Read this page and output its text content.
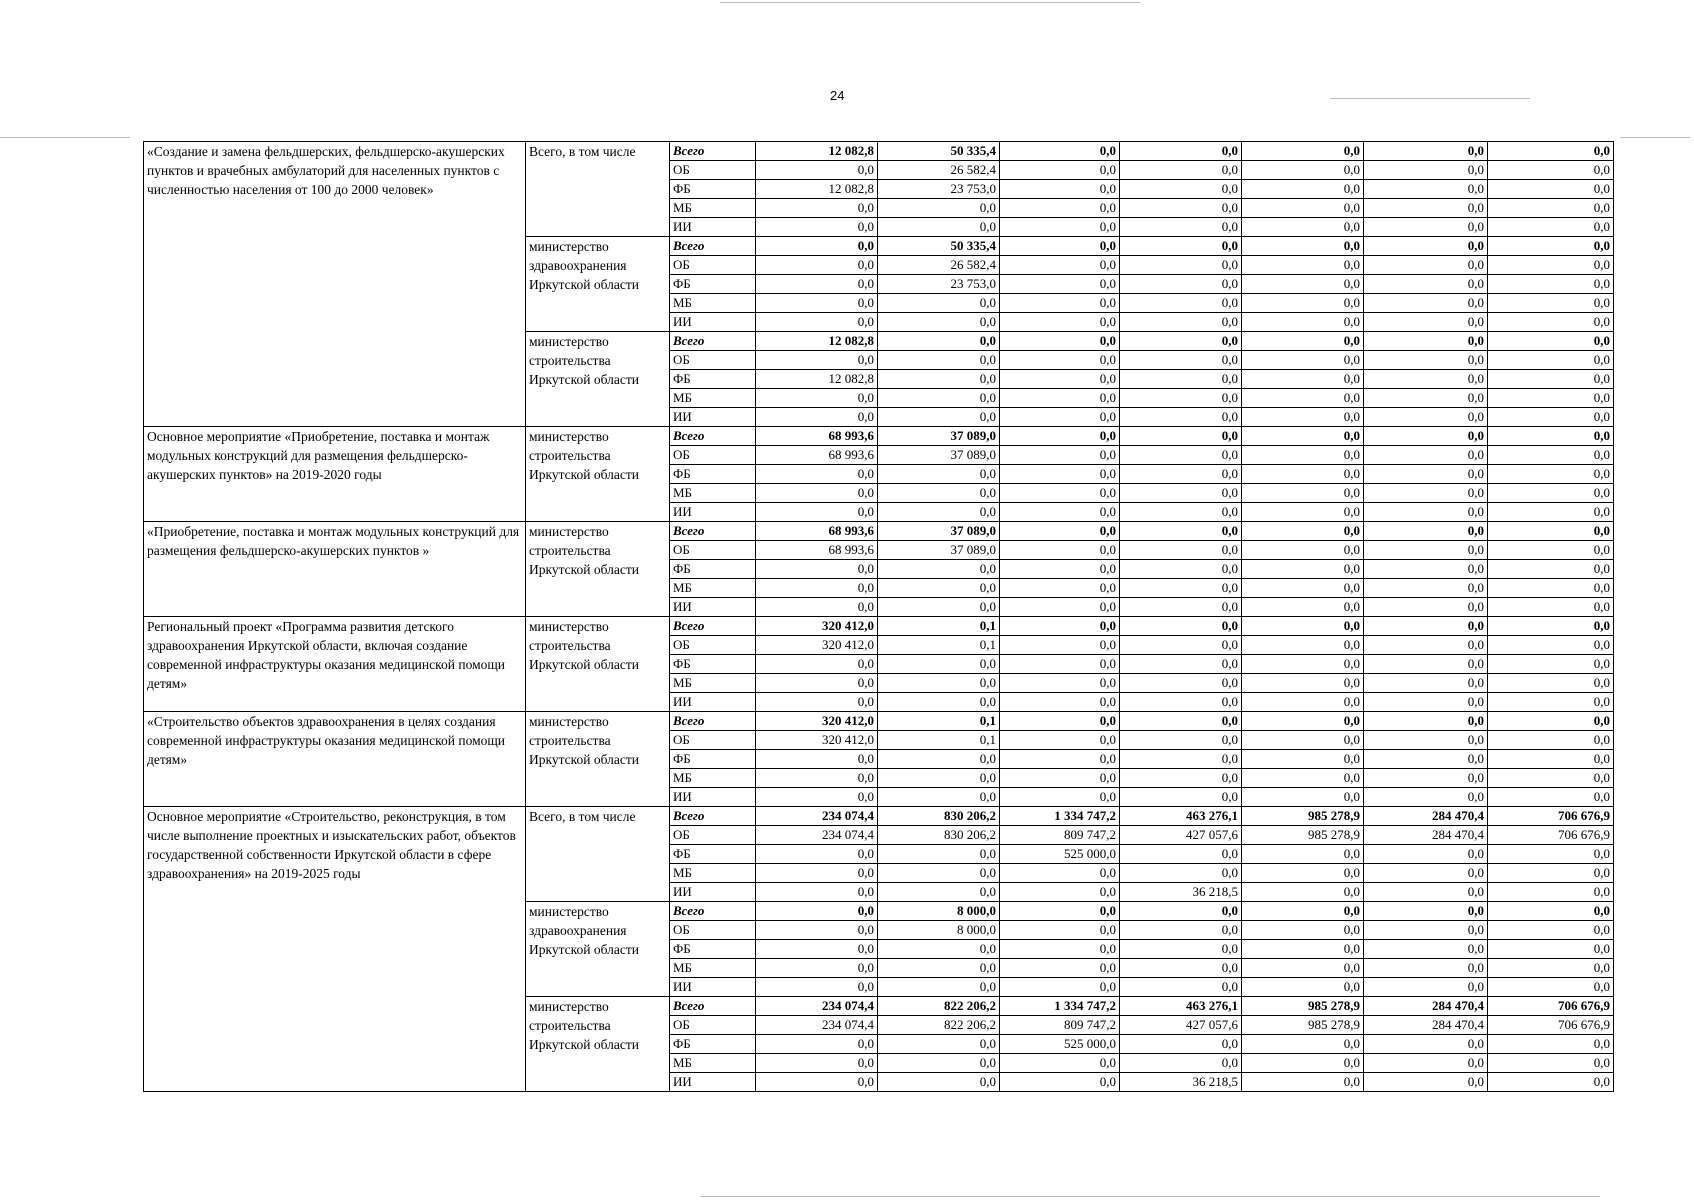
24
«Создание и замена фельдшерских, фельдшерско-акушерских пунктов и врачебных амбулаторий для населенных пунктов с численностью населения от 100 до 2000 человек»	Всего, в том числе	Всего	12 082,8	50 335,4	0,0	0,0	0,0	0,0	0,0
		ОБ	0,0	26 582,4	0,0	0,0	0,0	0,0	0,0
		ФБ	12 082,8	23 753,0	0,0	0,0	0,0	0,0	0,0
		МБ	0,0	0,0	0,0	0,0	0,0	0,0	0,0
		ИИ	0,0	0,0	0,0	0,0	0,0	0,0	0,0
	министерство здравоохранения Иркутской области	Всего	0,0	50 335,4	0,0	0,0	0,0	0,0	0,0
		ОБ	0,0	26 582,4	0,0	0,0	0,0	0,0	0,0
		ФБ	0,0	23 753,0	0,0	0,0	0,0	0,0	0,0
		МБ	0,0	0,0	0,0	0,0	0,0	0,0	0,0
		ИИ	0,0	0,0	0,0	0,0	0,0	0,0	0,0
	министерство строительства Иркутской области	Всего	12 082,8	0,0	0,0	0,0	0,0	0,0	0,0
		ОБ	0,0	0,0	0,0	0,0	0,0	0,0	0,0
		ФБ	12 082,8	0,0	0,0	0,0	0,0	0,0	0,0
		МБ	0,0	0,0	0,0	0,0	0,0	0,0	0,0
		ИИ	0,0	0,0	0,0	0,0	0,0	0,0	0,0
Основное мероприятие «Приобретение, поставка и монтаж модульных конструкций для размещения фельдшерско-акушерских пунктов» на 2019-2020 годы	министерство строительства Иркутской области	Всего	68 993,6	37 089,0	0,0	0,0	0,0	0,0	0,0
		ОБ	68 993,6	37 089,0	0,0	0,0	0,0	0,0	0,0
		ФБ	0,0	0,0	0,0	0,0	0,0	0,0	0,0
		МБ	0,0	0,0	0,0	0,0	0,0	0,0	0,0
		ИИ	0,0	0,0	0,0	0,0	0,0	0,0	0,0
«Приобретение, поставка и монтаж модульных конструкций для размещения фельдшерско-акушерских пунктов »	министерство строительства Иркутской области	Всего	68 993,6	37 089,0	0,0	0,0	0,0	0,0	0,0
		ОБ	68 993,6	37 089,0	0,0	0,0	0,0	0,0	0,0
		ФБ	0,0	0,0	0,0	0,0	0,0	0,0	0,0
		МБ	0,0	0,0	0,0	0,0	0,0	0,0	0,0
		ИИ	0,0	0,0	0,0	0,0	0,0	0,0	0,0
Региональный проект «Программа развития детского здравоохранения Иркутской области, включая создание современной инфраструктуры оказания медицинской помощи детям»	министерство строительства Иркутской области	Всего	320 412,0	0,1	0,0	0,0	0,0	0,0	0,0
		ОБ	320 412,0	0,1	0,0	0,0	0,0	0,0	0,0
		ФБ	0,0	0,0	0,0	0,0	0,0	0,0	0,0
		МБ	0,0	0,0	0,0	0,0	0,0	0,0	0,0
		ИИ	0,0	0,0	0,0	0,0	0,0	0,0	0,0
«Строительство объектов здравоохранения в целях создания современной инфраструктуры оказания медицинской помощи детям»	министерство строительства Иркутской области	Всего	320 412,0	0,1	0,0	0,0	0,0	0,0	0,0
		ОБ	320 412,0	0,1	0,0	0,0	0,0	0,0	0,0
		ФБ	0,0	0,0	0,0	0,0	0,0	0,0	0,0
		МБ	0,0	0,0	0,0	0,0	0,0	0,0	0,0
		ИИ	0,0	0,0	0,0	0,0	0,0	0,0	0,0
Основное мероприятие «Строительство, реконструкция, в том числе выполнение проектных и изыскательских работ, объектов государственной собственности Иркутской области в сфере здравоохранения» на 2019-2025 годы	Всего, в том числе	Всего	234 074,4	830 206,2	1 334 747,2	463 276,1	985 278,9	284 470,4	706 676,9
		ОБ	234 074,4	830 206,2	809 747,2	427 057,6	985 278,9	284 470,4	706 676,9
		ФБ	0,0	0,0	525 000,0	0,0	0,0	0,0	0,0
		МБ	0,0	0,0	0,0	0,0	0,0	0,0	0,0
		ИИ	0,0	0,0	0,0	36 218,5	0,0	0,0	0,0
	министерство здравоохранения Иркутской области	Всего	0,0	8 000,0	0,0	0,0	0,0	0,0	0,0
		ОБ	0,0	8 000,0	0,0	0,0	0,0	0,0	0,0
		ФБ	0,0	0,0	0,0	0,0	0,0	0,0	0,0
		МБ	0,0	0,0	0,0	0,0	0,0	0,0	0,0
		ИИ	0,0	0,0	0,0	0,0	0,0	0,0	0,0
	министерство строительства Иркутской области	Всего	234 074,4	822 206,2	1 334 747,2	463 276,1	985 278,9	284 470,4	706 676,9
		ОБ	234 074,4	822 206,2	809 747,2	427 057,6	985 278,9	284 470,4	706 676,9
		ФБ	0,0	0,0	525 000,0	0,0	0,0	0,0	0,0
		МБ	0,0	0,0	0,0	0,0	0,0	0,0	0,0
		ИИ	0,0	0,0	0,0	36 218,5	0,0	0,0	0,0
